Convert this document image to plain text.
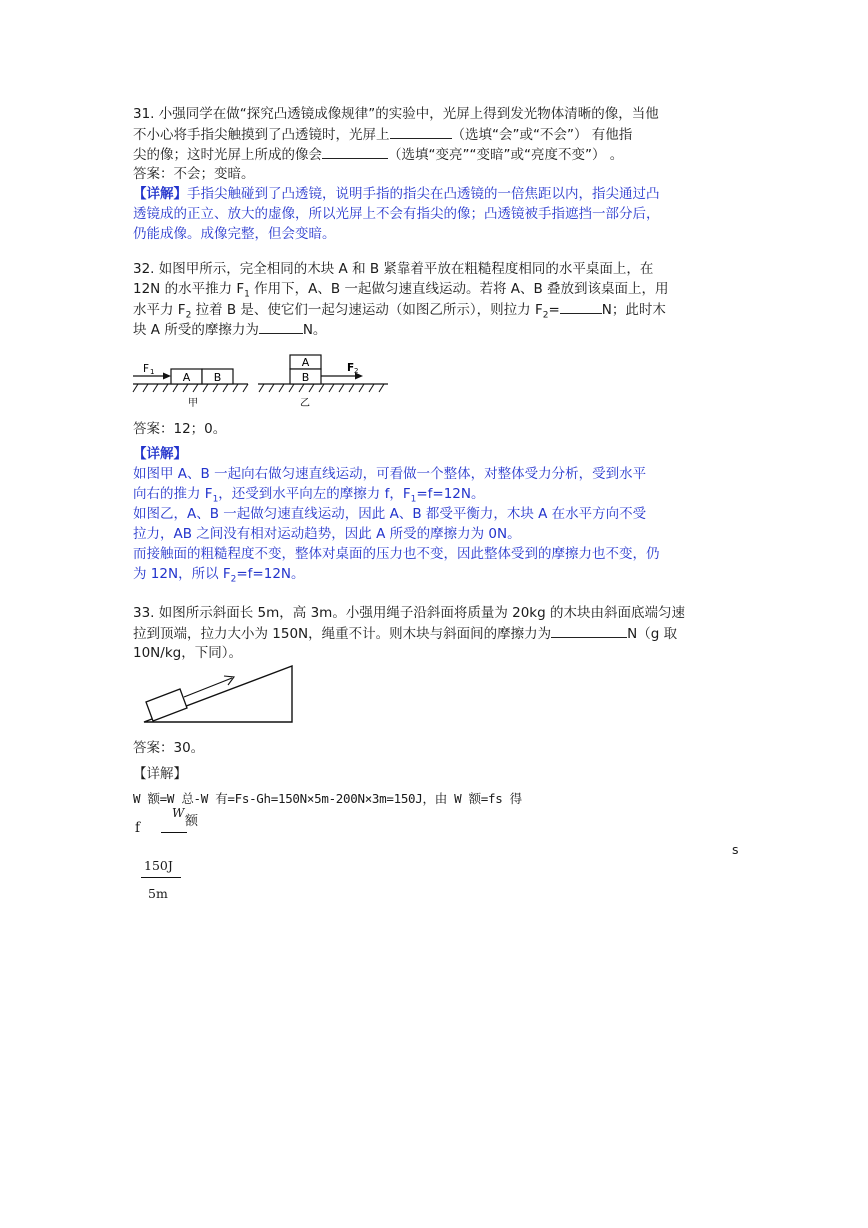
31. 小强同学在做“探究凸透镜成像规律”的实验中，光屏上得到发光物体清晰的像，当他
不小心将手指尖触摸到了凸透镜时，光屏上	（选填“会”或“不会”） 有他指
尖的像；这时光屏上所成的像会	（选填“变亮”“变暗”或“亮度不变”） 。
答案：不会；变暗。
【详解】手指尖触碰到了凸透镜，说明手指的指尖在凸透镜的一倍焦距以内，指尖通过凸
透镜成的正立、放大的虚像，所以光屏上不会有指尖的像；凸透镜被手指遮挡一部分后，
仍能成像。成像完整，但会变暗。
32. 如图甲所示，完全相同的木块 A 和 B 紧靠着平放在粗糙程度相同的水平桌面上，在
12N 的水平推力 $F_1$ 作用下，A、B 一起做匀速直线运动。若将 A、B 叠放到该桌面上，用
水平力 $F_2$ 拉着 B 是、使它们一起匀速运动（如图乙所示），则拉力 $F_2=$	N；此时木
块 A 所受的摩擦力为	N。
A B
F 1
甲
A
B
F 2
乙
答案：12；0。
【详解】
如图甲 A、B 一起向右做匀速直线运动，可看做一个整体，对整体受力分析，受到水平
向右的推力 $F_1$，还受到水平向左的摩擦力 f，$F_1=f=12N$。
如图乙，A、B 一起做匀速直线运动，因此 A、B 都受平衡力，木块 A 在水平方向不受
拉力，AB 之间没有相对运动趋势，因此 A 所受的摩擦力为 0N。
而接触面的粗糙程度不变，整体对桌面的压力也不变，因此整体受到的摩擦力也不变，仍
为 12N，所以 $F_2=f=12N$。
33. 如图所示斜面长 5m，高 3m。小强用绳子沿斜面将质量为 20kg 的木块由斜面底端匀速
拉到顶端，拉力大小为 150N，绳重不计。则木块与斜面间的摩擦力为	N（g 取
10N/kg，下同）。
答案：30。
【详解】
W 额=W 总-W 有=Fs-Gh=150N×5m-200N×3m=150J，由 W 额=fs 得
f
W
额
s
150J
5m
